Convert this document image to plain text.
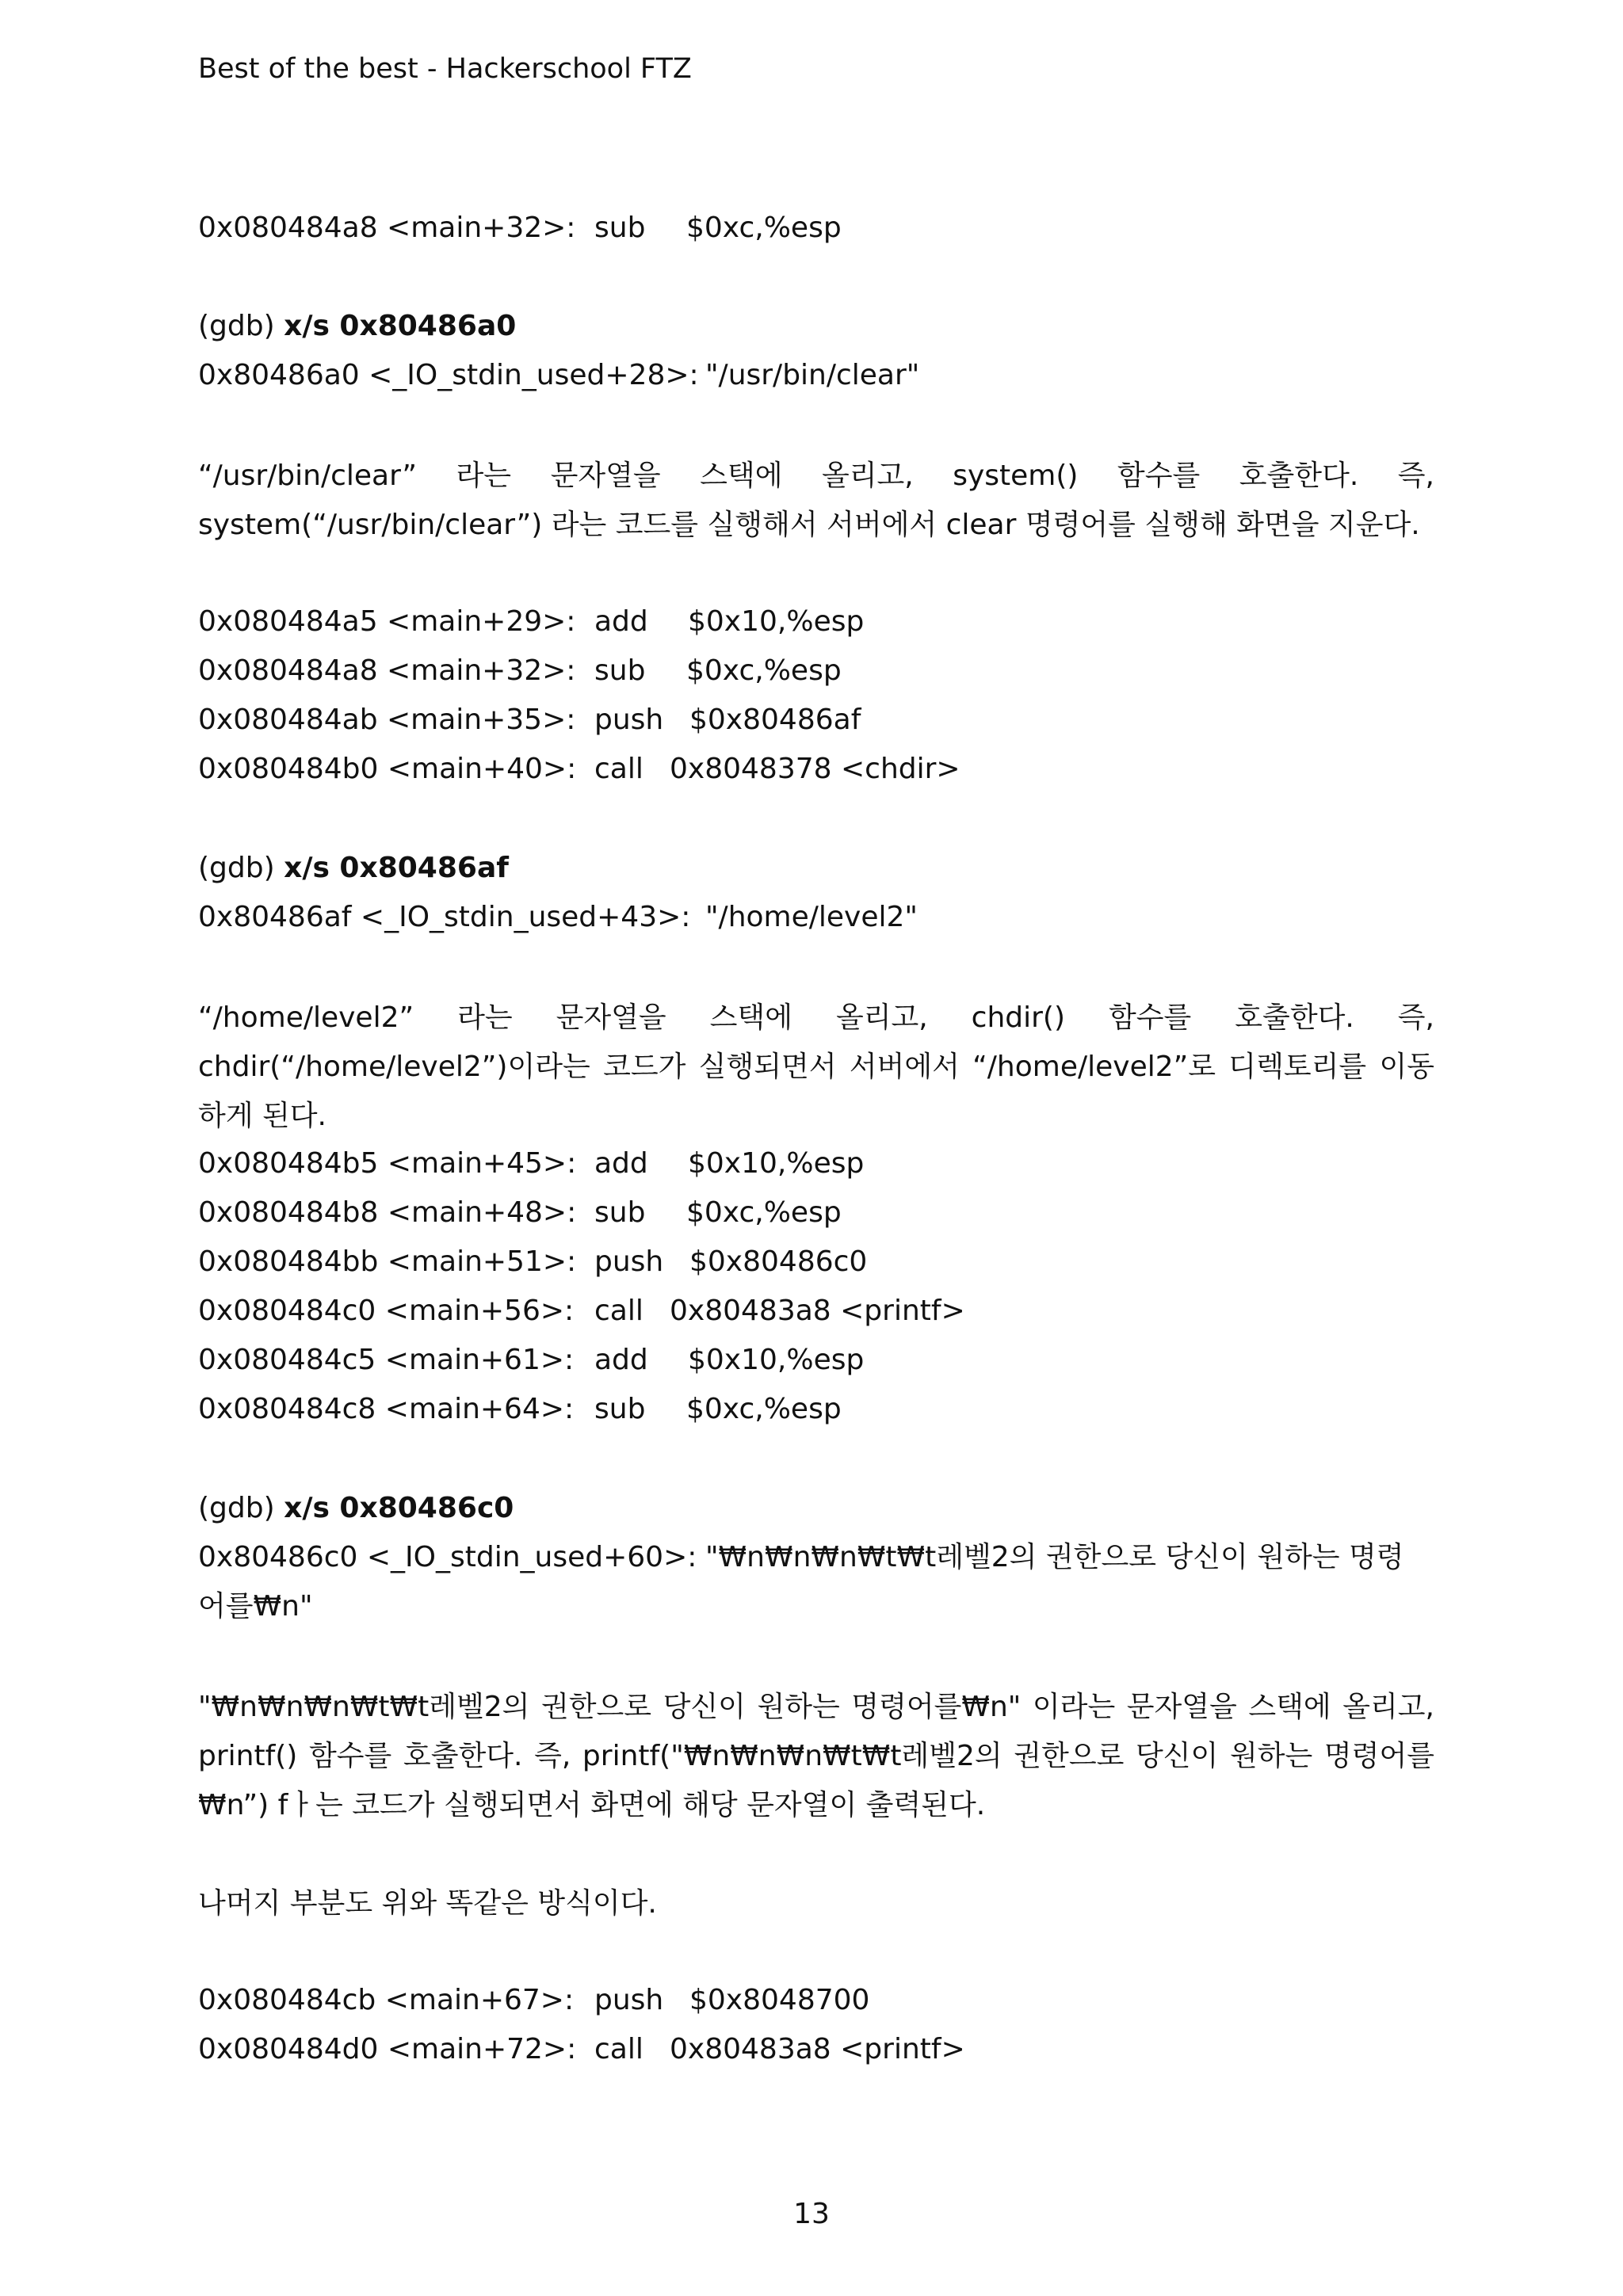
Best of the best - Hackerschool FTZ
0x080484a8 <main+32>: sub $0xc,%esp
(gdb) x/s 0x80486a0
0x80486a0 <_IO_stdin_used+28>: "/usr/bin/clear"
“/usr/bin/clear” 라는 문자열을 스택에 올리고, system() 함수를 호출한다. 즉, system(“/usr/bin/clear”) 라는 코드를 실행해서 서버에서 clear 명령어를 실행해 화면을 지운다.
0x080484a5 <main+29>: add $0x10,%esp
0x080484a8 <main+32>: sub $0xc,%esp
0x080484ab <main+35>: push $0x80486af
0x080484b0 <main+40>: call 0x8048378 <chdir>
(gdb) x/s 0x80486af
0x80486af <_IO_stdin_used+43>: "/home/level2"
“/home/level2” 라는 문자열을 스택에 올리고, chdir() 함수를 호출한다. 즉, chdir(“/home/level2”)이라는 코드가 실행되면서 서버에서 “/home/level2”로 디렉토리를 이동하게 된다.
0x080484b5 <main+45>: add $0x10,%esp
0x080484b8 <main+48>: sub $0xc,%esp
0x080484bb <main+51>: push $0x80486c0
0x080484c0 <main+56>: call 0x80483a8 <printf>
0x080484c5 <main+61>: add $0x10,%esp
0x080484c8 <main+64>: sub $0xc,%esp
(gdb) x/s 0x80486c0
0x80486c0 <_IO_stdin_used+60>: "₩n₩n₩n₩t₩t레벨2의 권한으로 당신이 원하는 명령
어를₩n"
"₩n₩n₩n₩t₩t레벨2의 권한으로 당신이 원하는 명령어를₩n" 이라는 문자열을 스택에 올리고, printf() 함수를 호출한다. 즉, printf("₩n₩n₩n₩t₩t레벨2의 권한으로 당신이 원하는 명령어를₩n”) fㅏ는 코드가 실행되면서 화면에 해당 문자열이 출력된다.
나머지 부분도 위와 똑같은 방식이다.
0x080484cb <main+67>: push $0x8048700
0x080484d0 <main+72>: call 0x80483a8 <printf>
13
